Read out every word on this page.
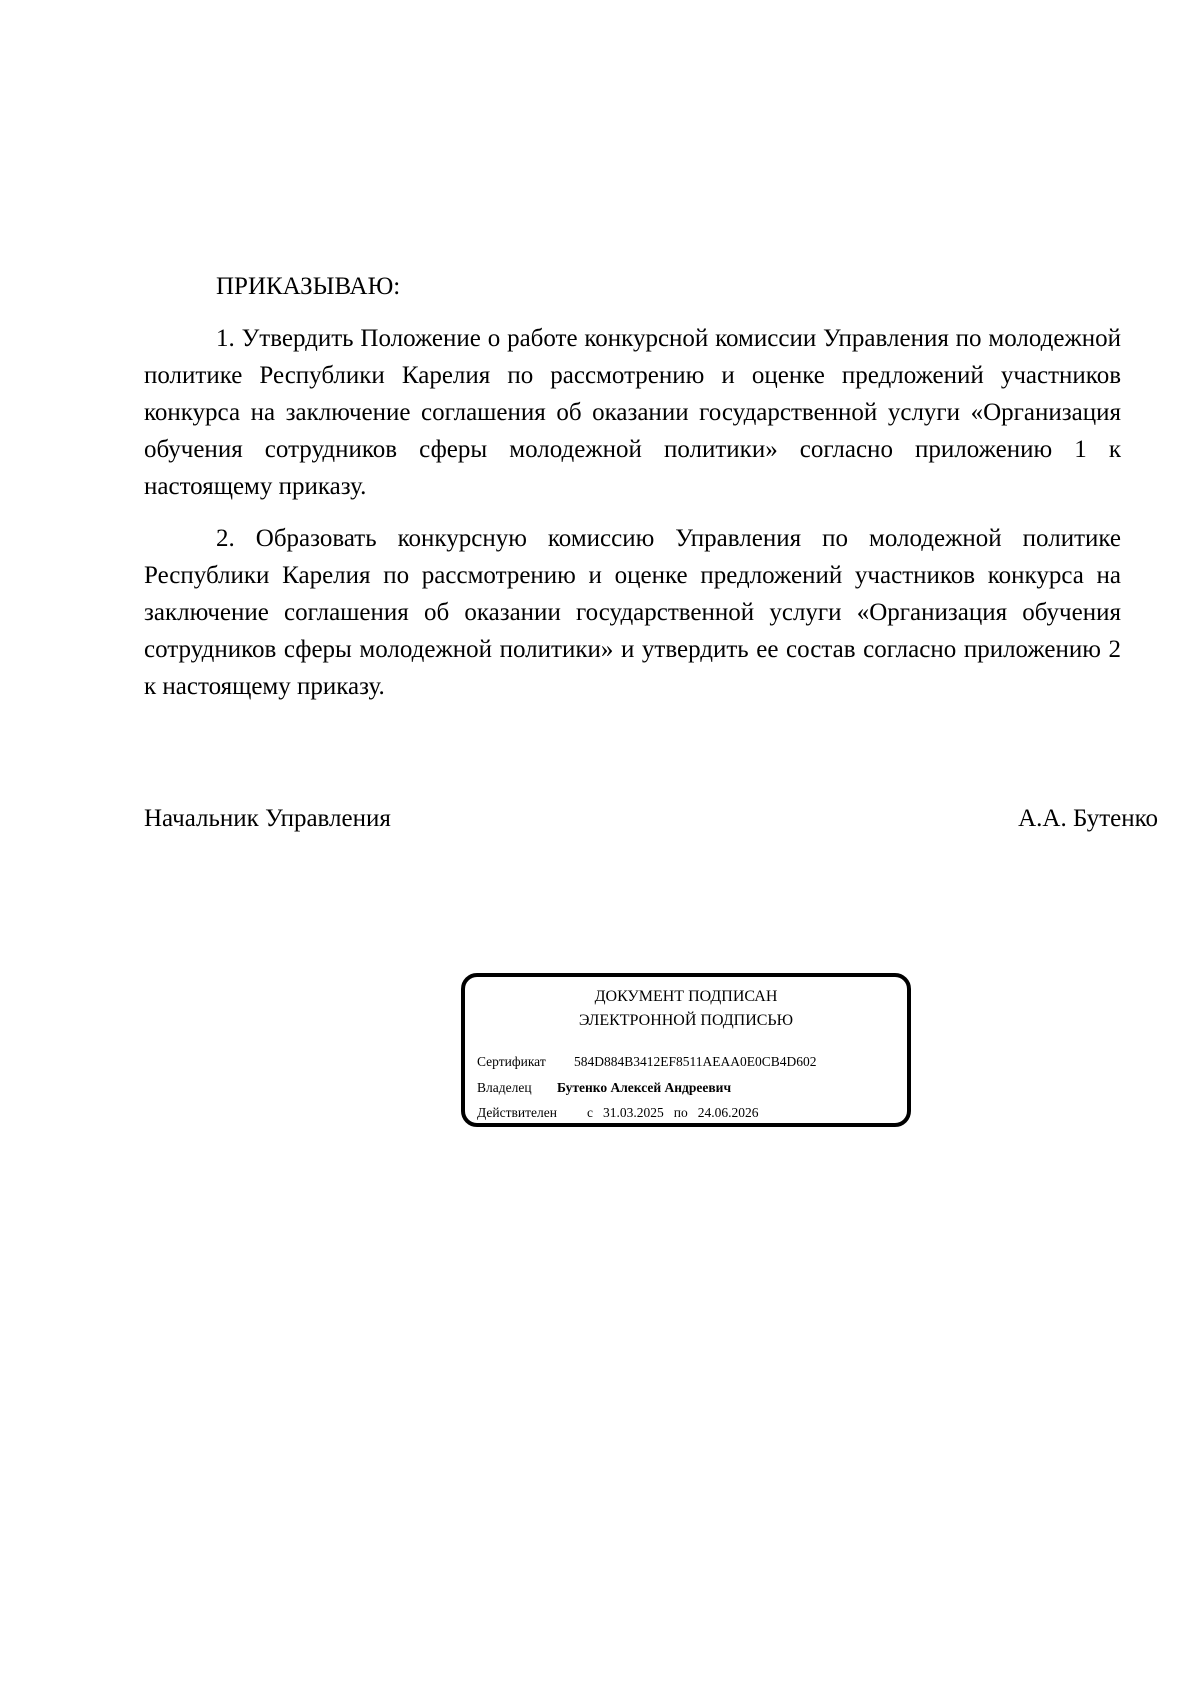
ПРИКАЗЫВАЮ:

1. Утвердить Положение о работе конкурсной комиссии Управления по молодежной политике Республики Карелия по рассмотрению и оценке предложений участников конкурса на заключение соглашения об оказании государственной услуги «Организация обучения сотрудников сферы молодежной политики» согласно приложению 1 к настоящему приказу.

2. Образовать конкурсную комиссию Управления по молодежной политике Республики Карелия по рассмотрению и оценке предложений участников конкурса на заключение соглашения об оказании государственной услуги «Организация обучения сотрудников сферы молодежной политики» и утвердить ее состав согласно приложению 2 к настоящему приказу.

Начальник Управления	А.А. Бутенко
ДОКУМЕНТ ПОДПИСАН
ЭЛЕКТРОННОЙ ПОДПИСЬЮ
Сертификат 584D884B3412EF8511AEAA0E0CB4D602
Владелец Бутенко Алексей Андреевич
Действителен с 31.03.2025 по 24.06.2026
